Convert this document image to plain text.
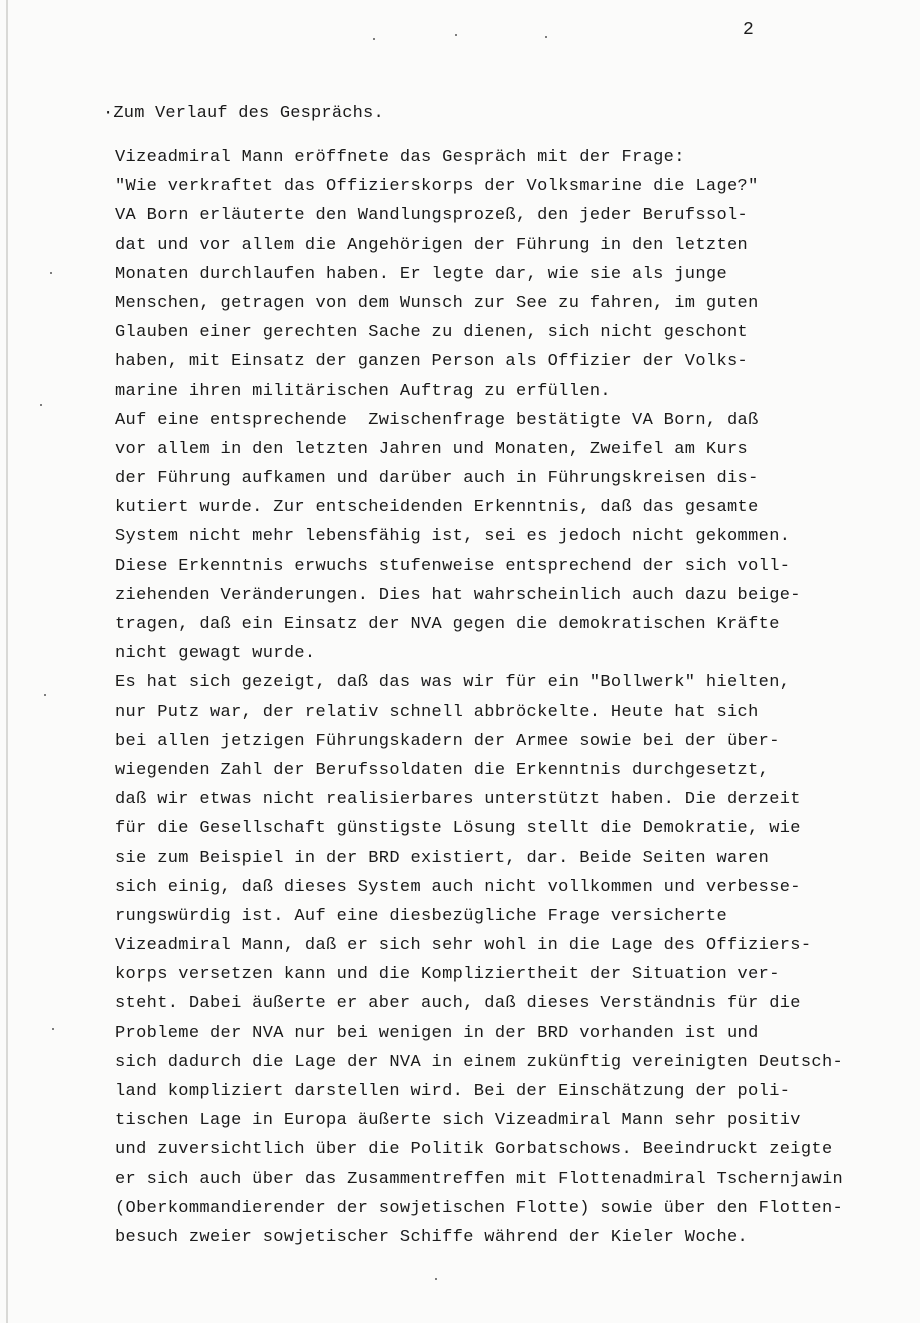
2
·Zum Verlauf des Gesprächs.
Vizeadmiral Mann eröffnete das Gespräch mit der Frage:
"Wie verkraftet das Offizierskorps der Volksmarine die Lage?"
VA Born erläuterte den Wandlungsprozeß, den jeder Berufssol-
dat und vor allem die Angehörigen der Führung in den letzten
Monaten durchlaufen haben. Er legte dar, wie sie als junge
Menschen, getragen von dem Wunsch zur See zu fahren, im guten
Glauben einer gerechten Sache zu dienen, sich nicht geschont
haben, mit Einsatz der ganzen Person als Offizier der Volks-
marine ihren militärischen Auftrag zu erfüllen.
Auf eine entsprechende  Zwischenfrage bestätigte VA Born, daß
vor allem in den letzten Jahren und Monaten, Zweifel am Kurs
der Führung aufkamen und darüber auch in Führungskreisen dis-
kutiert wurde. Zur entscheidenden Erkenntnis, daß das gesamte
System nicht mehr lebensfähig ist, sei es jedoch nicht gekommen.
Diese Erkenntnis erwuchs stufenweise entsprechend der sich voll-
ziehenden Veränderungen. Dies hat wahrscheinlich auch dazu beige-
tragen, daß ein Einsatz der NVA gegen die demokratischen Kräfte
nicht gewagt wurde.
Es hat sich gezeigt, daß das was wir für ein "Bollwerk" hielten,
nur Putz war, der relativ schnell abbröckelte. Heute hat sich
bei allen jetzigen Führungskadern der Armee sowie bei der über-
wiegenden Zahl der Berufssoldaten die Erkenntnis durchgesetzt,
daß wir etwas nicht realisierbares unterstützt haben. Die derzeit
für die Gesellschaft günstigste Lösung stellt die Demokratie, wie
sie zum Beispiel in der BRD existiert, dar. Beide Seiten waren
sich einig, daß dieses System auch nicht vollkommen und verbesse-
rungswürdig ist. Auf eine diesbezügliche Frage versicherte
Vizeadmiral Mann, daß er sich sehr wohl in die Lage des Offiziers-
korps versetzen kann und die Kompliziertheit der Situation ver-
steht. Dabei äußerte er aber auch, daß dieses Verständnis für die
Probleme der NVA nur bei wenigen in der BRD vorhanden ist und
sich dadurch die Lage der NVA in einem zukünftig vereinigten Deutsch-
land kompliziert darstellen wird. Bei der Einschätzung der poli-
tischen Lage in Europa äußerte sich Vizeadmiral Mann sehr positiv
und zuversichtlich über die Politik Gorbatschows. Beeindruckt zeigte
er sich auch über das Zusammentreffen mit Flottenadmiral Tschernjawin
(Oberkommandierender der sowjetischen Flotte) sowie über den Flotten-
besuch zweier sowjetischer Schiffe während der Kieler Woche.
